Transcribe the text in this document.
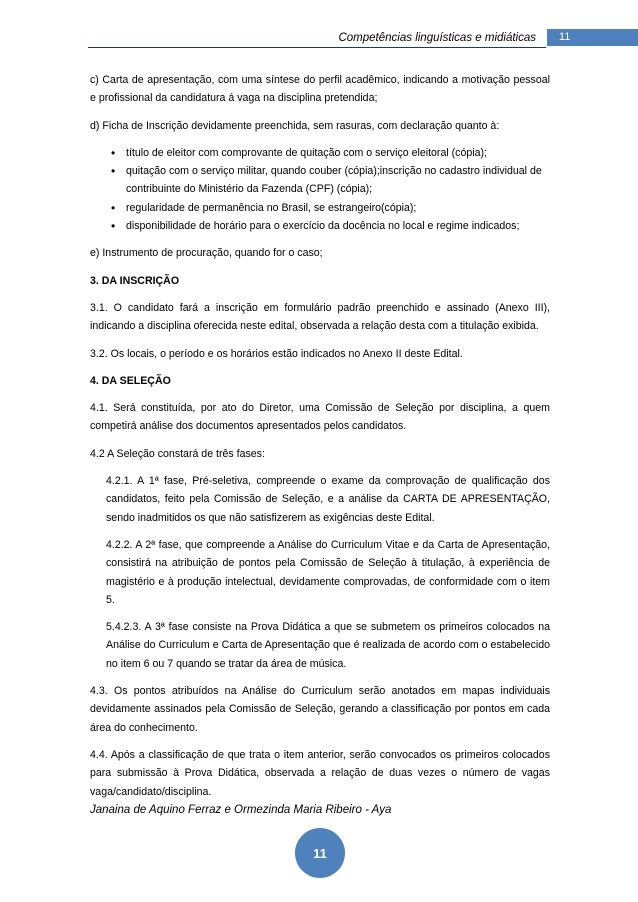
Competências linguísticas e midiáticas	11

c) Carta de apresentação, com uma síntese do perfil acadêmico, indicando a motivação pessoal e profissional da candidatura á vaga na disciplina pretendida;

d) Ficha de Inscrição devidamente preenchida, sem rasuras, com declaração quanto à:

• título de eleitor com comprovante de quitação com o serviço eleitoral (cópia);
• quitação com o serviço militar, quando couber (cópia);inscrição no cadastro individual de contribuinte do Ministério da Fazenda (CPF) (cópia);
• regularidade de permanência no Brasil, se estrangeiro(cópia);
• disponibilidade de horário para o exercício da docência no local e regime indicados;

e) Instrumento de procuração, quando for o caso;

3. DA INSCRIÇÃO

3.1. O candidato fará a inscrição em formulário padrão preenchido e assinado (Anexo III), indicando a disciplina oferecida neste edital, observada a relação desta com a titulação exibida.

3.2. Os locais, o período e os horários estão indicados no Anexo II deste Edital.

4. DA SELEÇÃO

4.1. Será constituída, por ato do Diretor, uma Comissão de Seleção por disciplina, a quem competirá análise dos documentos apresentados pelos candidatos.

4.2 A Seleção constará de três fases:

4.2.1. A 1ª fase, Pré-seletiva, compreende o exame da comprovação de qualificação dos candidatos, feito pela Comissão de Seleção, e a análise da CARTA DE APRESENTAÇÃO, sendo inadmitidos os que não satisfizerem as exigências deste Edital.

4.2.2. A 2ª fase, que compreende a Análise do Curriculum Vitae e da Carta de Apresentação, consistirá na atribuição de pontos pela Comissão de Seleção à titulação, à experiência de magistério e à produção intelectual, devidamente comprovadas, de conformidade com o item 5.

5.4.2.3. A 3ª fase consiste na Prova Didática a que se submetem os primeiros colocados na Análise do Curriculum e Carta de Apresentação que é realizada de acordo com o estabelecido no item 6 ou 7 quando se tratar da área de música.

4.3. Os pontos atribuídos na Análise do Curriculum serão anotados em mapas individuais devidamente assinados pela Comissão de Seleção, gerando a classificação por pontos em cada área do conhecimento.

4.4. Após a classificação de que trata o item anterior, serão convocados os primeiros colocados para submissão à Prova Didática, observada a relação de duas vezes o número de vagas vaga/candidato/disciplina.

Janaina de Aquino Ferraz e Ormezinda Maria Ribeiro - Aya
11
